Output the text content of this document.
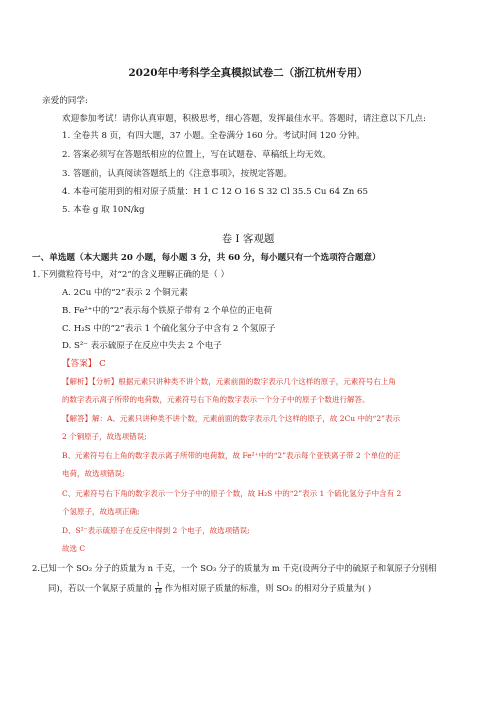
2020年中考科学全真模拟试卷二（浙江杭州专用）
亲爱的同学:
欢迎参加考试！请你认真审题，积极思考，细心答题，发挥最佳水平。答题时，请注意以下几点:
1. 全卷共 8 页，有四大题，37 小题。全卷满分 160 分。考试时间 120 分钟。
2. 答案必须写在答题纸相应的位置上，写在试题卷、草稿纸上均无效。
3. 答题前，认真阅读答题纸上的《注意事项》，按规定答题。
4. 本卷可能用到的相对原子质量：H 1 C 12 O 16 S 32 Cl 35.5 Cu 64 Zn 65
5. 本卷 g 取 10N/kg
卷 I 客观题
一、单选题（本大题共 20 小题，每小题 3 分，共 60 分，每小题只有一个选项符合题意）
1.下列微粒符号中，对“2”的含义理解正确的是（ ）
A. 2Cu 中的“2”表示 2 个铜元素
B. Fe²⁺中的“2”表示每个铁原子带有 2 个单位的正电荷
C. H₂S 中的“2”表示 1 个硫化氢分子中含有 2 个氢原子
D. S²⁻ 表示硫原子在反应中失去 2 个电子
【答案】 C
【解析】【分析】根据元素只讲种类不讲个数，元素前面的数字表示几个这样的原子，元素符号右上角
的数字表示离子所带的电荷数，元素符号右下角的数字表示一个分子中的原子个数进行解答。
【解答】解：A、元素只讲种类不讲个数，元素前面的数字表示几个这样的原子，故 2Cu 中的“2”表示
2 个铜原子，故选项错误;
B、元素符号右上角的数字表示离子所带的电荷数，故 Fe²⁺中的“2”表示每个亚铁离子带 2 个单位的正
电荷，故选项错误;
C、元素符号右下角的数字表示一个分子中的原子个数，故 H₂S 中的“2”表示 1 个硫化氢分子中含有 2
个氢原子，故选项正确;
D、S²⁻表示硫原子在反应中得到 2 个电子，故选项错误;
故选 C
2.已知一个 SO₂ 分子的质量为 n 千克，一个 SO₃ 分子的质量为 m 千克(设两分子中的硫原子和氧原子分别相
同)，若以一个氧原子质量的 $\frac{1}{16}$ 作为相对原子质量的标准，则 SO₂ 的相对分子质量为( )
